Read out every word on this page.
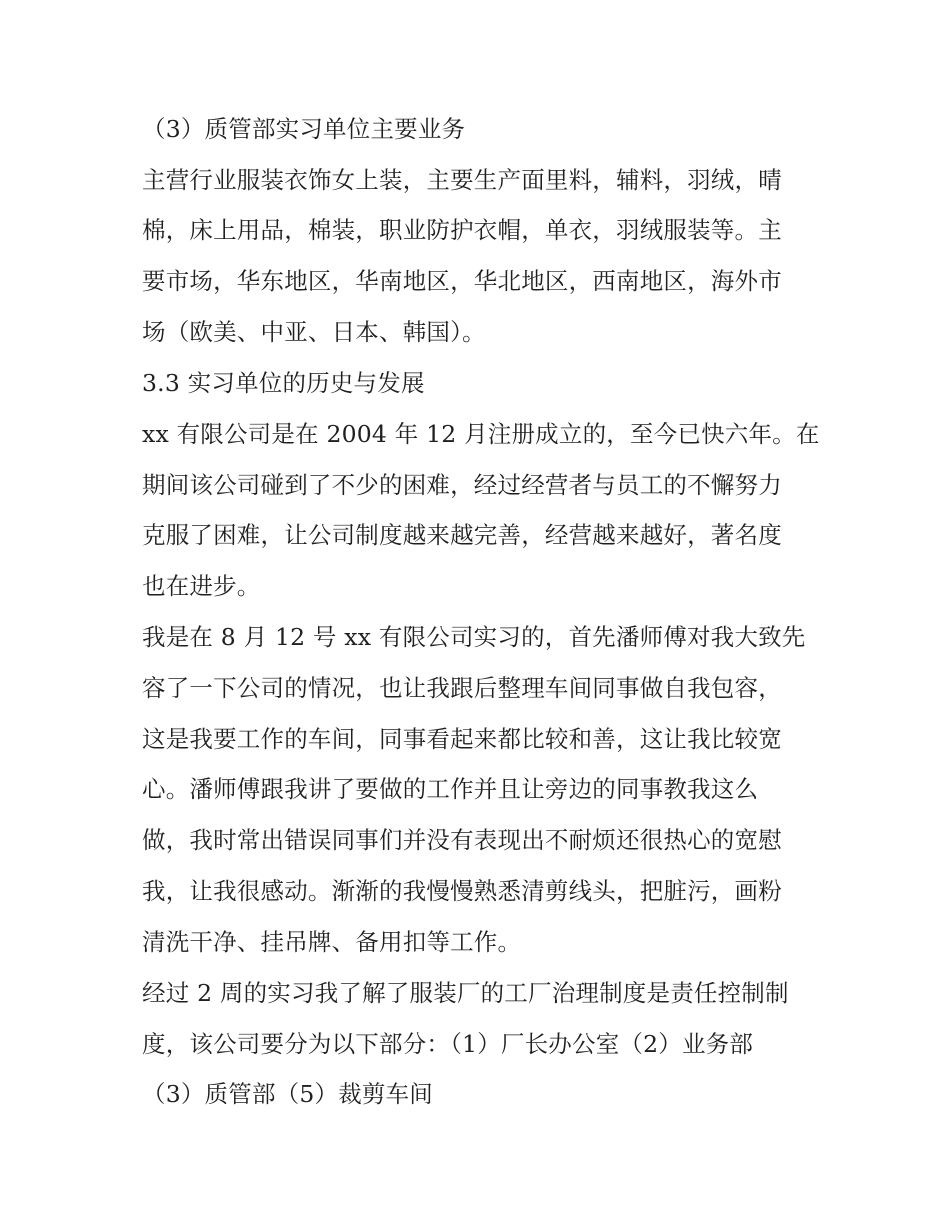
（3）质管部实习单位主要业务
主营行业服装衣饰女上装，主要生产面里料，辅料，羽绒，晴
棉，床上用品，棉装，职业防护衣帽，单衣，羽绒服装等。主
要市场，华东地区，华南地区，华北地区，西南地区，海外市
场（欧美、中亚、日本、韩国）。
3.3 实习单位的历史与发展
xx 有限公司是在 2004 年 12 月注册成立的，至今已快六年。在
期间该公司碰到了不少的困难，经过经营者与员工的不懈努力
克服了困难，让公司制度越来越完善，经营越来越好，著名度
也在进步。
我是在 8 月 12 号 xx 有限公司实习的，首先潘师傅对我大致先
容了一下公司的情况，也让我跟后整理车间同事做自我包容，
这是我要工作的车间，同事看起来都比较和善，这让我比较宽
心。潘师傅跟我讲了要做的工作并且让旁边的同事教我这么
做，我时常出错误同事们并没有表现出不耐烦还很热心的宽慰
我，让我很感动。渐渐的我慢慢熟悉清剪线头，把脏污，画粉
清洗干净、挂吊牌、备用扣等工作。
经过 2 周的实习我了解了服装厂的工厂治理制度是责任控制制
度，该公司要分为以下部分：（1）厂长办公室（2）业务部
（3）质管部（5）裁剪车间
